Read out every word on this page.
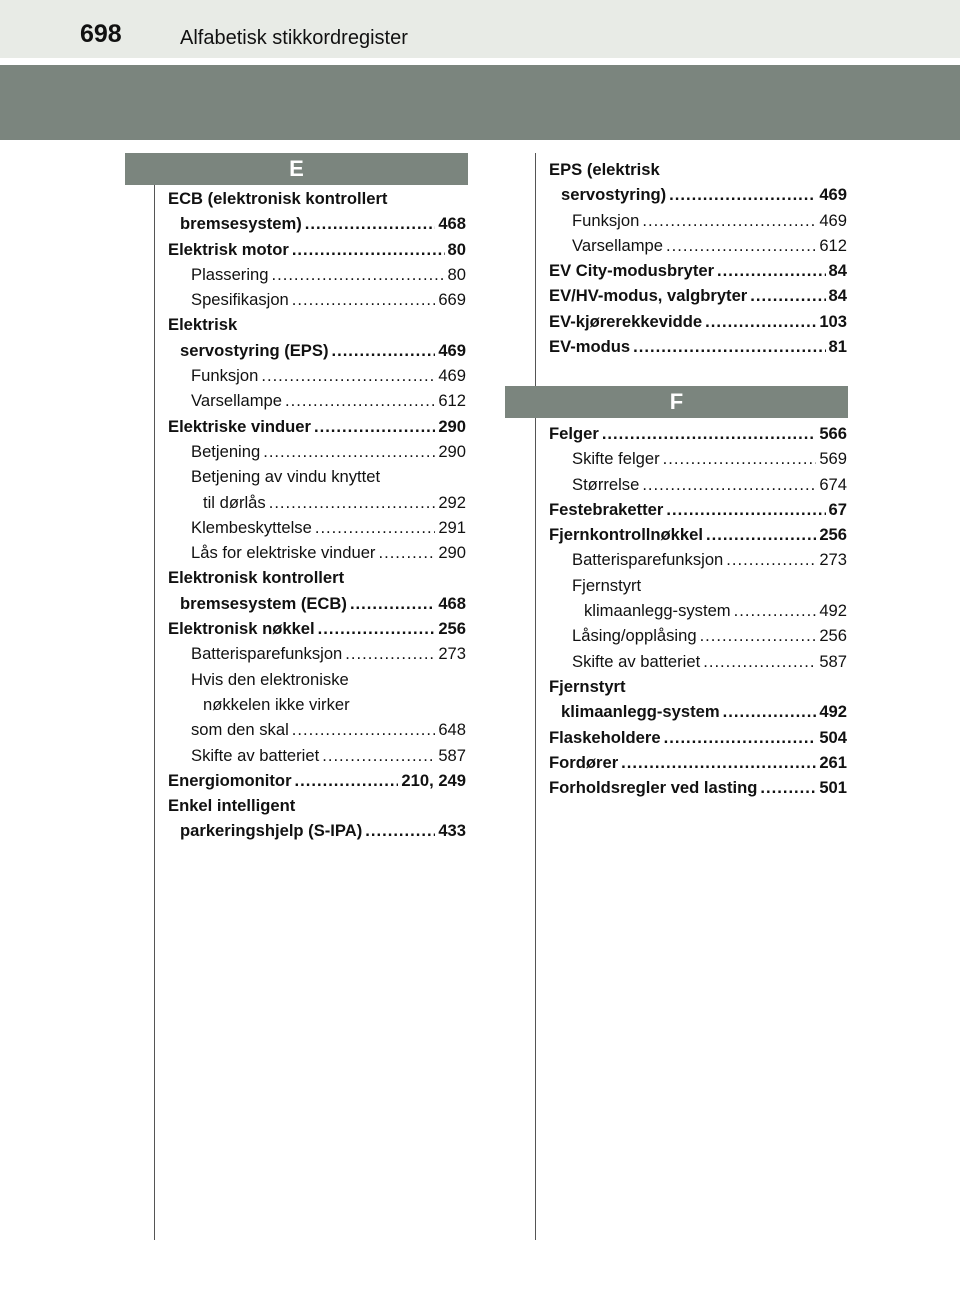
698	Alfabetisk stikkordregister
E
ECB (elektronisk kontrollert
bremsesystem) .....	468
Elektrisk motor .....	80
Plassering .....	80
Spesifikasjon .....	669
Elektrisk
servostyring (EPS) .....	469
Funksjon .....	469
Varsellampe .....	612
Elektriske vinduer .....	290
Betjening .....	290
Betjening av vindu knyttet
til dørlås .....	292
Klembeskyttelse .....	291
Lås for elektriske vinduer .....	290
Elektronisk kontrollert
bremsesystem (ECB) .....	468
Elektronisk nøkkel .....	256
Batterisparefunksjon .....	273
Hvis den elektroniske
nøkkelen ikke virker
som den skal .....	648
Skifte av batteriet .....	587
Energiomonitor .....	210, 249
Enkel intelligent
parkeringshjelp (S-IPA) .....	433
EPS (elektrisk
servostyring) .....	469
Funksjon .....	469
Varsellampe .....	612
EV City-modusbryter .....	84
EV/HV-modus, valgbryter .....	84
EV-kjørerekkevidde .....	103
EV-modus .....	81
F
Felger .....	566
Skifte felger .....	569
Størrelse .....	674
Festebraketter .....	67
Fjernkontrollnøkkel .....	256
Batterisparefunksjon .....	273
Fjernstyrt
klimaanlegg-system .....	492
Låsing/opplåsing .....	256
Skifte av batteriet .....	587
Fjernstyrt
klimaanlegg-system .....	492
Flaskeholdere .....	504
Fordører .....	261
Forholdsregler ved lasting .....	501
